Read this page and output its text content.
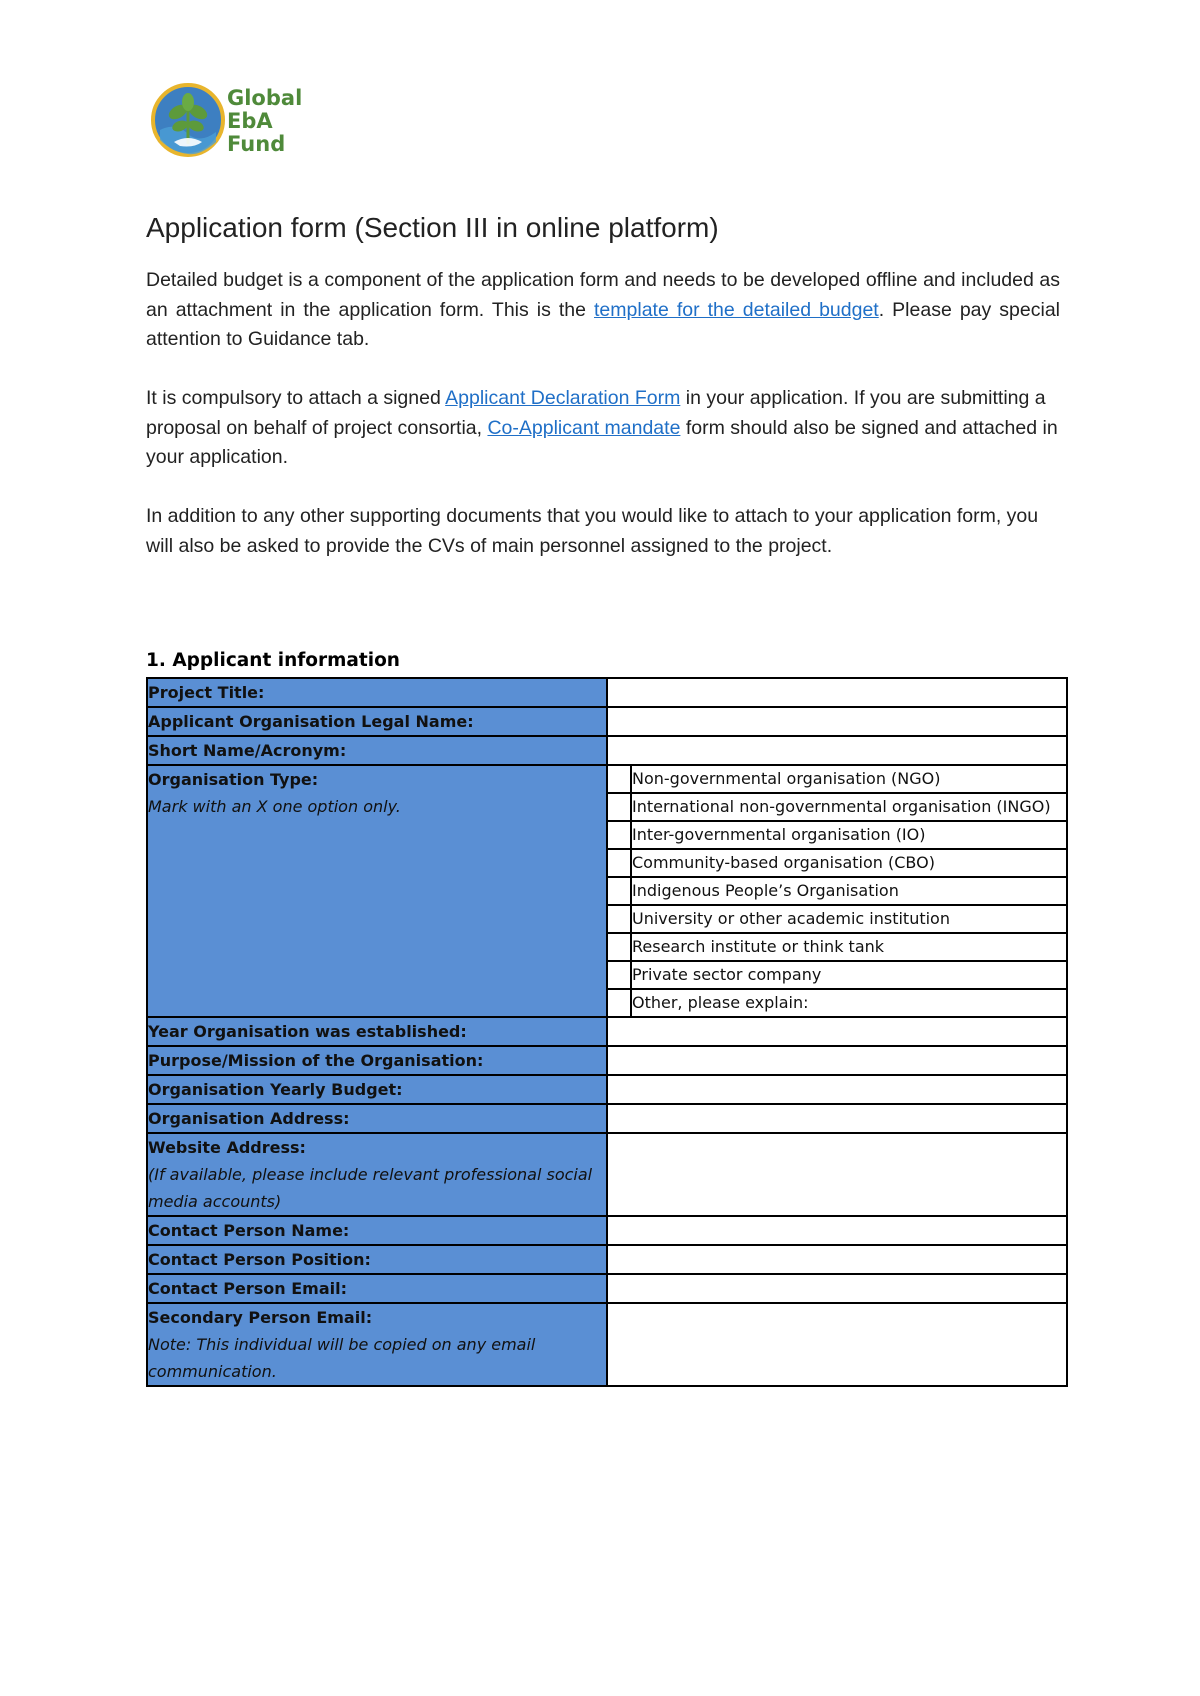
Global
EbA
Fund
Application form (Section III in online platform)
Detailed budget is a component of the application form and needs to be developed offline and included as an attachment in the application form. This is the template for the detailed budget. Please pay special attention to Guidance tab.
It is compulsory to attach a signed Applicant Declaration Form in your application. If you are submitting a proposal on behalf of project consortia, Co-Applicant mandate form should also be signed and attached in your application.
In addition to any other supporting documents that you would like to attach to your application form, you will also be asked to provide the CVs of main personnel assigned to the project.
1. Applicant information
Project Title:		
Applicant Organisation Legal Name:		
Short Name/Acronym:		
Organisation Type:
Mark with an X one option only.		Non-governmental organisation (NGO)
		International non-governmental organisation (INGO)
		Inter-governmental organisation (IO)
		Community-based organisation (CBO)
		Indigenous People’s Organisation
		University or other academic institution
		Research institute or think tank
		Private sector company
		Other, please explain:
Year Organisation was established:		
Purpose/Mission of the Organisation:		
Organisation Yearly Budget:		
Organisation Address:		
Website Address:
(If available, please include relevant professional social media accounts)		

Contact Person Name:		
Contact Person Position:		
Contact Person Email:		
Secondary Person Email:
Note: This individual will be copied on any email communication.		
